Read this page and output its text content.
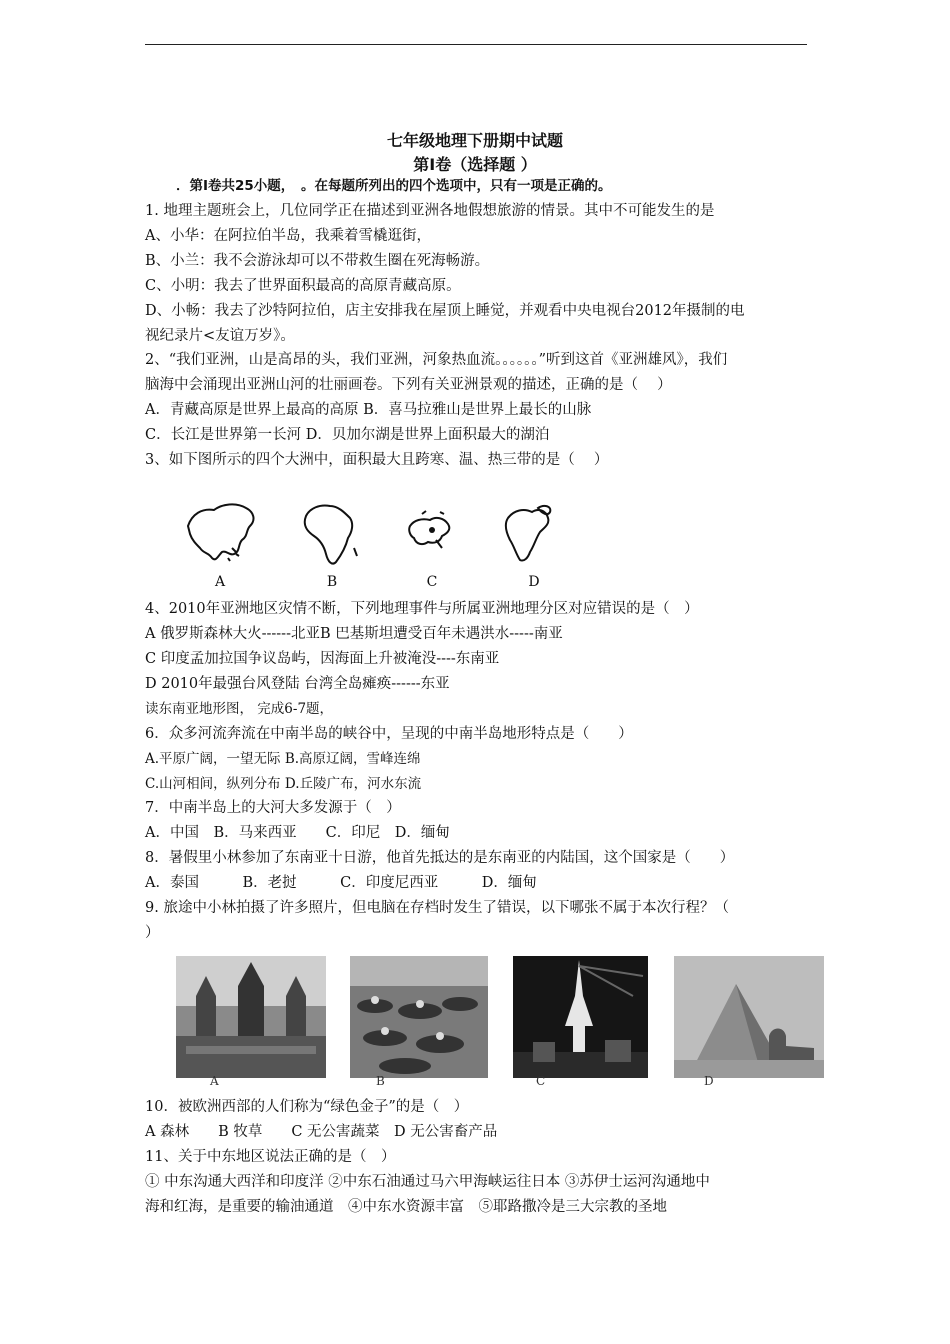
七年级地理下册期中试题
第Ⅰ卷（选择题 ）
．第Ⅰ卷共25小题，　。在每题所列出的四个选项中，只有一项是正确的。
1. 地理主题班会上，几位同学正在描述到亚洲各地假想旅游的情景。其中不可能发生的是
A、小华：在阿拉伯半岛，我乘着雪橇逛街，
B、小兰：我不会游泳却可以不带救生圈在死海畅游。
C、小明：我去了世界面积最高的高原青藏高原。
D、小畅：我去了沙特阿拉伯，店主安排我在屋顶上睡觉，并观看中央电视台2012年摄制的电
视纪录片<友谊万岁》。
2、“我们亚洲，山是高昂的头，我们亚洲，河象热血流。。。。。。”听到这首《亚洲雄风》，我们
脑海中会涌现出亚洲山河的壮丽画卷。下列有关亚洲景观的描述，正确的是（　 ）
A．青藏高原是世界上最高的高原 B．喜马拉雅山是世界上最长的山脉
C．长江是世界第一长河 D．贝加尔湖是世界上面积最大的湖泊
3、如下图所示的四个大洲中，面积最大且跨寒、温、热三带的是（　 ）
A	B	C	D
4、2010年亚洲地区灾情不断，下列地理事件与所属亚洲地理分区对应错误的是（　）
A 俄罗斯森林大火------北亚B 巴基斯坦遭受百年未遇洪水-----南亚
C 印度孟加拉国争议岛屿，因海面上升被淹没----东南亚
D 2010年最强台风登陆 台湾全岛瘫痪------东亚
读东南亚地形图， 完成6-7题，
6．众多河流奔流在中南半岛的峡谷中，呈现的中南半岛地形特点是（　　）
A.平原广阔，一望无际 B.高原辽阔，雪峰连绵
C.山河相间，纵列分布 D.丘陵广布，河水东流
7．中南半岛上的大河大多发源于（　）
A．中国　B．马来西亚　　C．印尼　D．缅甸
8．暑假里小林参加了东南亚十日游，他首先抵达的是东南亚的内陆国，这个国家是（　　）
A．泰国　　　B．老挝　　　C．印度尼西亚　　　D．缅甸
9. 旅途中小林拍摄了许多照片，但电脑在存档时发生了错误，以下哪张不属于本次行程？（
）
A	B	C	D
10．被欧洲西部的人们称为“绿色金子”的是（　）
A 森林　　B 牧草　　C 无公害蔬菜　D 无公害畜产品
11、关于中东地区说法正确的是（　）
① 中东沟通大西洋和印度洋 ②中东石油通过马六甲海峡运往日本 ③苏伊士运河沟通地中
海和红海，是重要的输油通道　④中东水资源丰富　⑤耶路撒冷是三大宗教的圣地
